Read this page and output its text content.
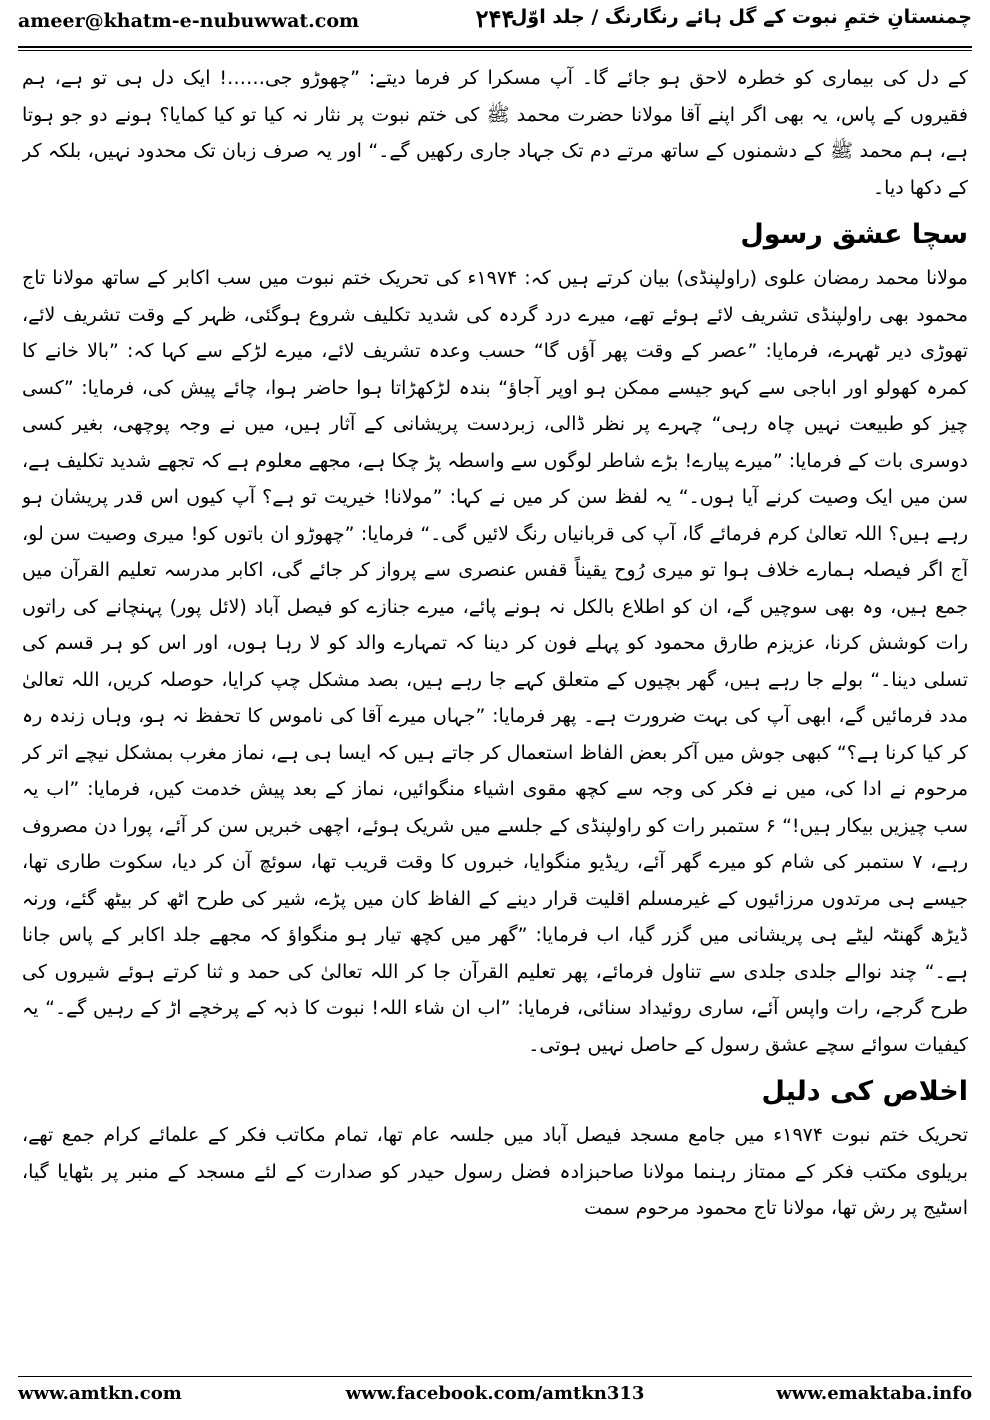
ameer@khatm-e-nubuwwat.com	۲۴۴
چمنستانِ ختمِ نبوت کے گل ہائے رنگارنگ / جلد اوّل

کے دل کی بیماری کو خطرہ لاحق ہو جائے گا۔ آپ مسکرا کر فرما دیتے: ”چھوڑو جی……! ایک دل ہی تو ہے، ہم فقیروں کے پاس، یہ بھی اگر اپنے آقا مولانا حضرت محمد ﷺ کی ختم نبوت پر نثار نہ کیا تو کیا کمایا؟ ہونے دو جو ہوتا ہے، ہم محمد ﷺ کے دشمنوں کے ساتھ مرتے دم تک جہاد جاری رکھیں گے۔“ اور یہ صرف زبان تک محدود نہیں، بلکہ کر کے دکھا دیا۔

سچا عشق رسول

مولانا محمد رمضان علوی (راولپنڈی) بیان کرتے ہیں کہ: ۱۹۷۴ء کی تحریک ختم نبوت میں سب اکابر کے ساتھ مولانا تاج محمود بھی راولپنڈی تشریف لائے ہوئے تھے، میرے درد گردہ کی شدید تکلیف شروع ہوگئی، ظہر کے وقت تشریف لائے، تھوڑی دیر ٹھہرے، فرمایا: ”عصر کے وقت پھر آؤں گا“ حسب وعدہ تشریف لائے، میرے لڑکے سے کہا کہ: ”بالا خانے کا کمرہ کھولو اور اباجی سے کہو جیسے ممکن ہو اوپر آجاؤ“ بندہ لڑکھڑاتا ہوا حاضر ہوا، چائے پیش کی، فرمایا: ”کسی چیز کو طبیعت نہیں چاہ رہی“ چہرے پر نظر ڈالی، زبردست پریشانی کے آثار ہیں، میں نے وجہ پوچھی، بغیر کسی دوسری بات کے فرمایا: ”میرے پیارے! بڑے شاطر لوگوں سے واسطہ پڑ چکا ہے، مجھے معلوم ہے کہ تجھے شدید تکلیف ہے، سن میں ایک وصیت کرنے آیا ہوں۔“ یہ لفظ سن کر میں نے کہا: ”مولانا! خیریت تو ہے؟ آپ کیوں اس قدر پریشان ہو رہے ہیں؟ اللہ تعالیٰ کرم فرمائے گا، آپ کی قربانیاں رنگ لائیں گی۔“ فرمایا: ”چھوڑو ان باتوں کو! میری وصیت سن لو، آج اگر فیصلہ ہمارے خلاف ہوا تو میری رُوح یقیناً قفس عنصری سے پرواز کر جائے گی، اکابر مدرسہ تعلیم القرآن میں جمع ہیں، وہ بھی سوچیں گے، ان کو اطلاع بالکل نہ ہونے پائے، میرے جنازے کو فیصل آباد (لائل پور) پہنچانے کی راتوں رات کوشش کرنا، عزیزم طارق محمود کو پہلے فون کر دینا کہ تمہارے والد کو لا رہا ہوں، اور اس کو ہر قسم کی تسلی دینا۔“ بولے جا رہے ہیں، گھر بچیوں کے متعلق کہے جا رہے ہیں، بصد مشکل چپ کرایا، حوصلہ کریں، اللہ تعالیٰ مدد فرمائیں گے، ابھی آپ کی بہت ضرورت ہے۔ پھر فرمایا: ”جہاں میرے آقا کی ناموس کا تحفظ نہ ہو، وہاں زندہ رہ کر کیا کرنا ہے؟“ کبھی جوش میں آکر بعض الفاظ استعمال کر جاتے ہیں کہ ایسا ہی ہے، نماز مغرب بمشکل نیچے اتر کر مرحوم نے ادا کی، میں نے فکر کی وجہ سے کچھ مقوی اشیاء منگوائیں، نماز کے بعد پیش خدمت کیں، فرمایا: ”اب یہ سب چیزیں بیکار ہیں!“ ۶ ستمبر رات کو راولپنڈی کے جلسے میں شریک ہوئے، اچھی خبریں سن کر آئے، پورا دن مصروف رہے، ۷ ستمبر کی شام کو میرے گھر آئے، ریڈیو منگوایا، خبروں کا وقت قریب تھا، سوئچ آن کر دیا، سکوت طاری تھا، جیسے ہی مرتدوں مرزائیوں کے غیرمسلم اقلیت قرار دینے کے الفاظ کان میں پڑے، شیر کی طرح اٹھ کر بیٹھ گئے، ورنہ ڈیڑھ گھنٹہ لیٹے ہی پریشانی میں گزر گیا، اب فرمایا: ”گھر میں کچھ تیار ہو منگواؤ کہ مجھے جلد اکابر کے پاس جانا ہے۔“ چند نوالے جلدی جلدی سے تناول فرمائے، پھر تعلیم القرآن جا کر اللہ تعالیٰ کی حمد و ثنا کرتے ہوئے شیروں کی طرح گرجے، رات واپس آئے، ساری روئیداد سنائی، فرمایا: ”اب ان شاء اللہ! نبوت کا ذبہ کے پرخچے اڑ کے رہیں گے۔“ یہ کیفیات سوائے سچے عشق رسول کے حاصل نہیں ہوتی۔

اخلاص کی دلیل

تحریک ختم نبوت ۱۹۷۴ء میں جامع مسجد فیصل آباد میں جلسہ عام تھا، تمام مکاتب فکر کے علمائے کرام جمع تھے، بریلوی مکتب فکر کے ممتاز رہنما مولانا صاحبزادہ فضل رسول حیدر کو صدارت کے لئے مسجد کے منبر پر بٹھایا گیا، اسٹیج پر رش تھا، مولانا تاج محمود مرحوم سمت

www.amtkn.com	www.facebook.com/amtkn313	www.emaktaba.info
